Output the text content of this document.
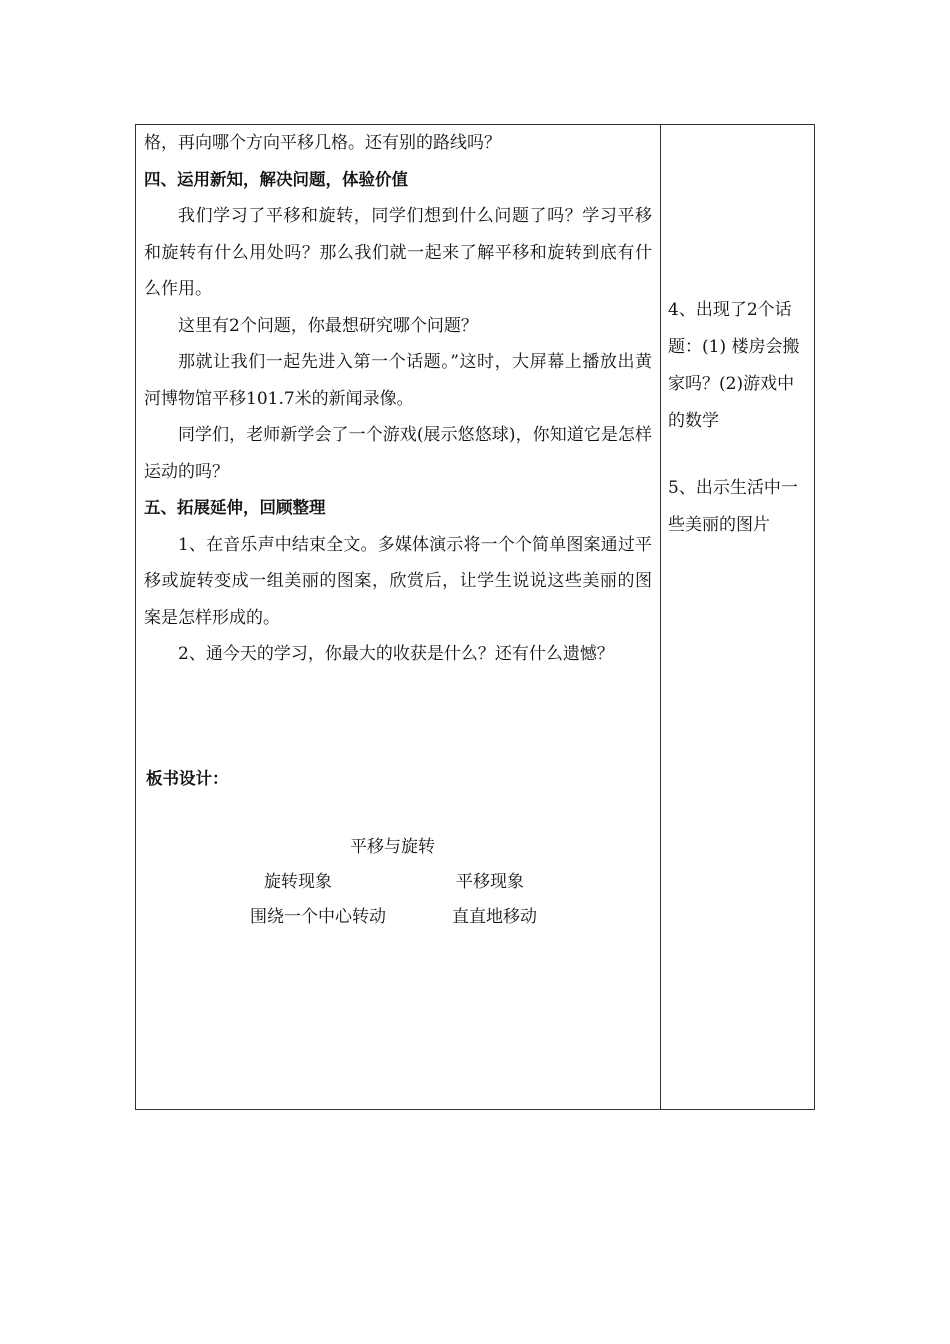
格，再向哪个方向平移几格。还有别的路线吗？

四、运用新知，解决问题，体验价值

我们学习了平移和旋转，同学们想到什么问题了吗？学习平移和旋转有什么用处吗？那么我们就一起来了解平移和旋转到底有什么作用。

这里有2个问题，你最想研究哪个问题？

那就让我们一起先进入第一个话题。”这时，大屏幕上播放出黄河博物馆平移101.7米的新闻录像。

同学们，老师新学会了一个游戏(展示悠悠球)，你知道它是怎样运动的吗？

五、拓展延伸，回顾整理

1、在音乐声中结束全文。多媒体演示将一个个简单图案通过平移或旋转变成一组美丽的图案，欣赏后，让学生说说这些美丽的图案是怎样形成的。

2、通今天的学习，你最大的收获是什么？还有什么遗憾？

板书设计：
平移与旋转
旋转现象	平移现象
围绕一个中心转动	直直地移动

4、出现了2个话题：(1) 楼房会搬家吗？(2)游戏中的数学

5、出示生活中一些美丽的图片
